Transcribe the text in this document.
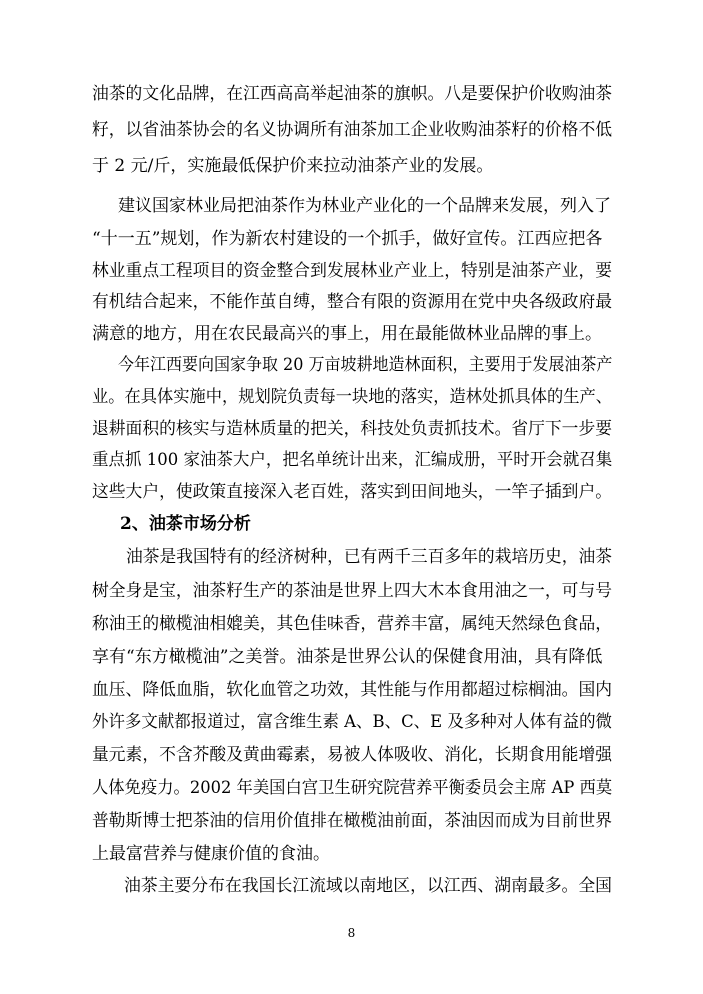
油茶的文化品牌，在江西高高举起油茶的旗帜。八是要保护价收购油茶
籽，以省油茶协会的名义协调所有油茶加工企业收购油茶籽的价格不低
于 2 元/斤，实施最低保护价来拉动油茶产业的发展。
建议国家林业局把油茶作为林业产业化的一个品牌来发展，列入了
“十一五”规划，作为新农村建设的一个抓手，做好宣传。江西应把各
林业重点工程项目的资金整合到发展林业产业上，特别是油茶产业，要
有机结合起来，不能作茧自缚，整合有限的资源用在党中央各级政府最
满意的地方，用在农民最高兴的事上，用在最能做林业品牌的事上。
今年江西要向国家争取 20 万亩坡耕地造林面积，主要用于发展油茶产
业。在具体实施中，规划院负责每一块地的落实，造林处抓具体的生产、
退耕面积的核实与造林质量的把关，科技处负责抓技术。省厅下一步要
重点抓 100 家油茶大户，把名单统计出来，汇编成册，平时开会就召集
这些大户，使政策直接深入老百姓，落实到田间地头，一竿子插到户。
2、油茶市场分析
油茶是我国特有的经济树种，已有两千三百多年的栽培历史，油茶
树全身是宝，油茶籽生产的茶油是世界上四大木本食用油之一，可与号
称油王的橄榄油相媲美，其色佳味香，营养丰富，属纯天然绿色食品，
享有“东方橄榄油”之美誉。油茶是世界公认的保健食用油，具有降低
血压、降低血脂，软化血管之功效，其性能与作用都超过棕榈油。国内
外许多文献都报道过，富含维生素 A、B、C、E 及多种对人体有益的微
量元素，不含芥酸及黄曲霉素，易被人体吸收、消化，长期食用能增强
人体免疫力。2002 年美国白宫卫生研究院营养平衡委员会主席 AP 西莫
普勒斯博士把茶油的信用价值排在橄榄油前面，茶油因而成为目前世界
上最富营养与健康价值的食油。
油茶主要分布在我国长江流域以南地区，以江西、湖南最多。全国
8
